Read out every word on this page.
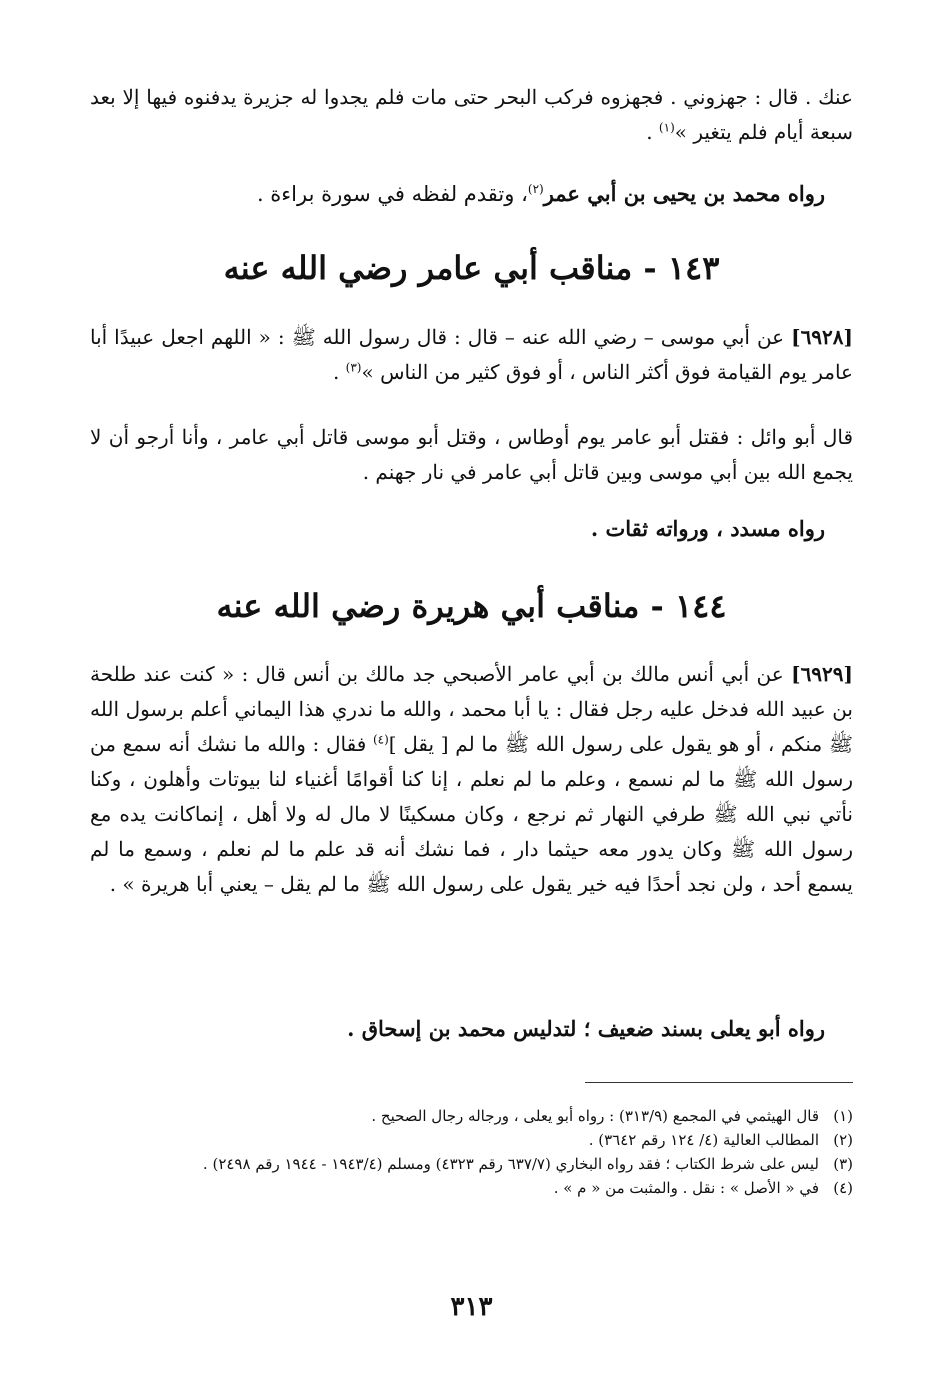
عنك . قال : جهزوني . فجهزوه فركب البحر حتى مات فلم يجدوا له جزيرة يدفنوه فيها إلا بعد سبعة أيام فلم يتغير »$^{(١)}$ .

رواه محمد بن يحيى بن أبي عمر$^{(٢)}$، وتقدم لفظه في سورة براءة .
١٤٣ - مناقب أبي عامر رضي الله عنه

[٦٩٢٨] عن أبي موسى – رضي الله عنه – قال : قال رسول الله ﷺ : « اللهم اجعل عبيدًا أبا عامر يوم القيامة فوق أكثر الناس ، أو فوق كثير من الناس »$^{(٣)}$ .

قال أبو وائل : فقتل أبو عامر يوم أوطاس ، وقتل أبو موسى قاتل أبي عامر ، وأنا أرجو أن لا يجمع الله بين أبي موسى وبين قاتل أبي عامر في نار جهنم .

رواه مسدد ، ورواته ثقات .
١٤٤ - مناقب أبي هريرة رضي الله عنه

[٦٩٢٩] عن أبي أنس مالك بن أبي عامر الأصبحي جد مالك بن أنس قال : « كنت عند طلحة بن عبيد الله فدخل عليه رجل فقال : يا أبا محمد ، والله ما ندري هذا اليماني أعلم برسول الله ﷺ منكم ، أو هو يقول على رسول الله ﷺ ما لم [ يقل ]$^{(٤)}$ فقال : والله ما نشك أنه سمع من رسول الله ﷺ ما لم نسمع ، وعلم ما لم نعلم ، إنا كنا أقوامًا أغنياء لنا بيوتات وأهلون ، وكنا نأتي نبي الله ﷺ طرفي النهار ثم نرجع ، وكان مسكينًا لا مال له ولا أهل ، إنماكانت يده مع رسول الله ﷺ وكان يدور معه حيثما دار ، فما نشك أنه قد علم ما لم نعلم ، وسمع ما لم يسمع أحد ، ولن نجد أحدًا فيه خير يقول على رسول الله ﷺ ما لم يقل – يعني أبا هريرة » .

رواه أبو يعلى بسند ضعيف ؛ لتدليس محمد بن إسحاق .

(١)
قال الهيثمي في المجمع (٣١٣/٩) : رواه أبو يعلى ، ورجاله رجال الصحيح .

(٢)
المطالب العالية (٤/ ١٢٤ رقم ٣٦٤٢) .

(٣)
ليس على شرط الكتاب ؛ فقد رواه البخاري (٦٣٧/٧ رقم ٤٣٢٣) ومسلم (١٩٤٣/٤ - ١٩٤٤ رقم ٢٤٩٨) .

(٤)
في « الأصل » : نقل . والمثبت من « م » .

٣١٣
